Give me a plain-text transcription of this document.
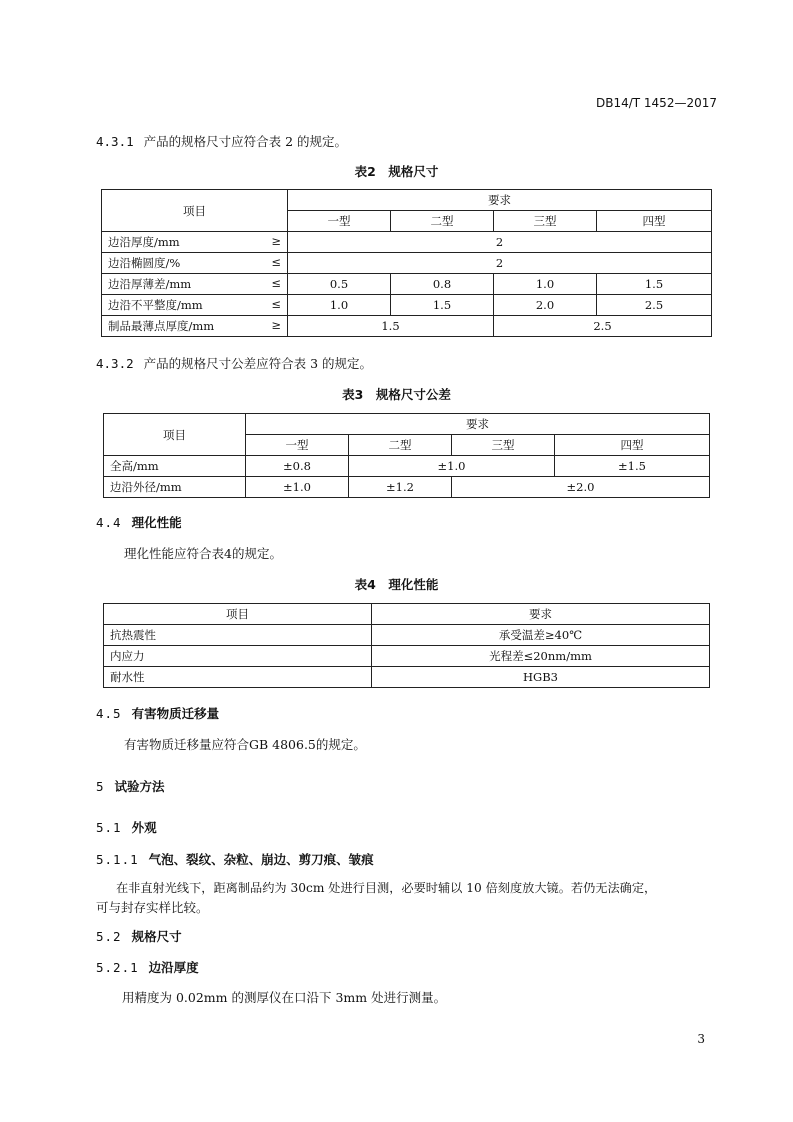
DB14/T 1452—2017
4.3.1 产品的规格尺寸应符合表 2 的规定。
表2　规格尺寸
项目	要求			
	一型	二型	三型	四型

边沿厚度/mm ≥	2			

边沿椭圆度/% ≤	2			

边沿厚薄差/mm ≤	0.5	0.8	1.0	1.5

边沿不平整度/mm ≤	1.0	1.5	2.0	2.5

制品最薄点厚度/mm ≥	1.5		2.5	
4.3.2 产品的规格尺寸公差应符合表 3 的规定。
表3　规格尺寸公差
项目	要求			
	一型	二型	三型	四型
全高/mm	±0.8	±1.0		±1.5
边沿外径/mm	±1.0	±1.2	±2.0	
4.4 理化性能
理化性能应符合表4的规定。
表4　理化性能
项目	要求
抗热震性	承受温差≥40℃
内应力	光程差≤20nm/mm
耐水性	HGB3
4.5 有害物质迁移量
有害物质迁移量应符合GB 4806.5的规定。
5 试验方法
5.1 外观
5.1.1 气泡、裂纹、杂粒、崩边、剪刀痕、皱痕
在非直射光线下，距离制品约为 30cm 处进行目测，必要时辅以 10 倍刻度放大镜。若仍无法确定，
可与封存实样比较。
5.2 规格尺寸
5.2.1 边沿厚度
用精度为 0.02mm 的测厚仪在口沿下 3mm 处进行测量。
3
